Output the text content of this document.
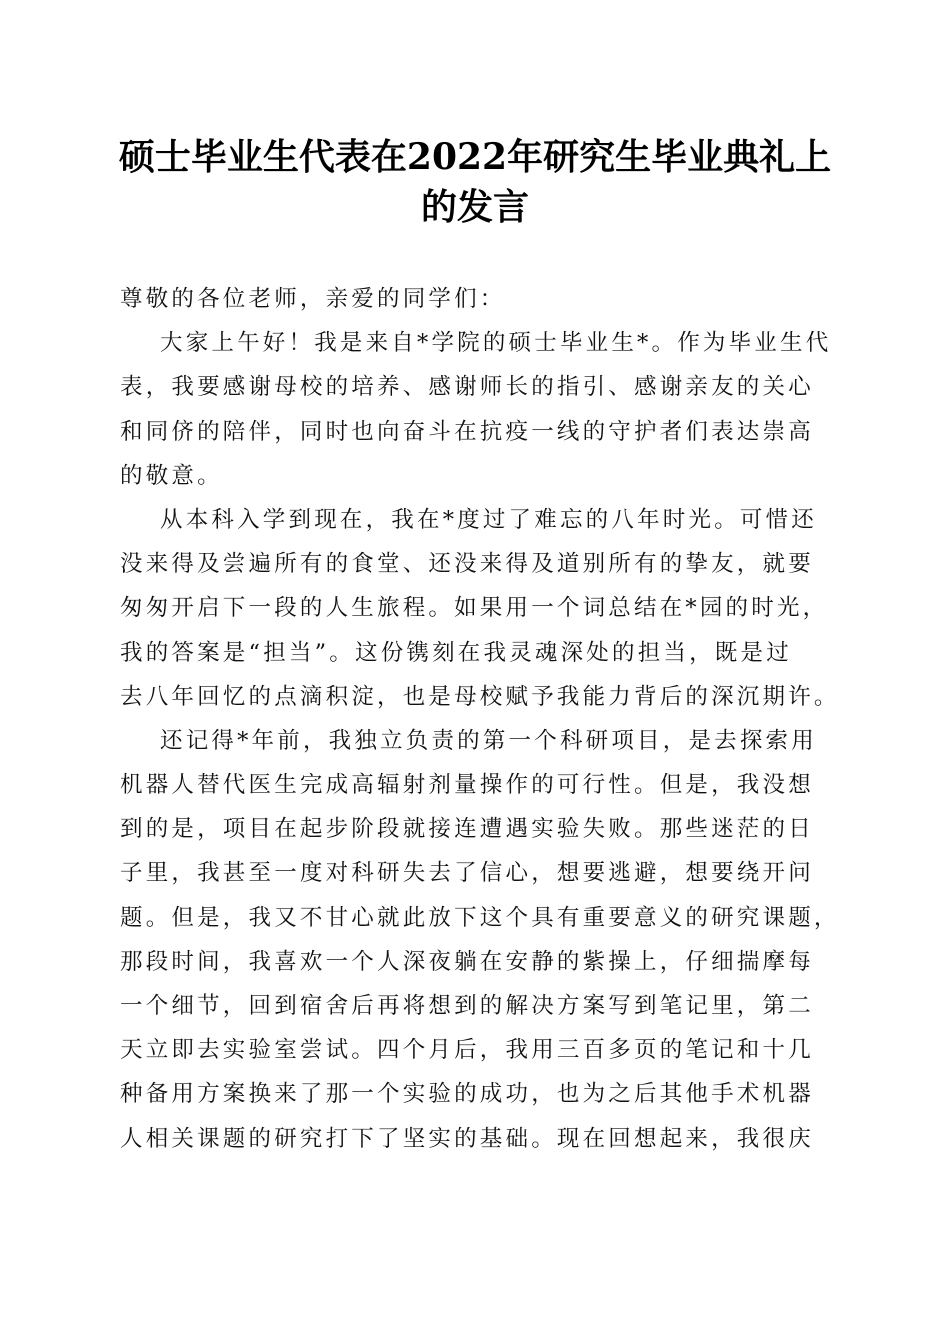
硕士毕业生代表在2022年研究生毕业典礼上
的发言
尊敬的各位老师，亲爱的同学们：
大家上午好！我是来自*学院的硕士毕业生*。作为毕业生代
表，我要感谢母校的培养、感谢师长的指引、感谢亲友的关心
和同侪的陪伴，同时也向奋斗在抗疫一线的守护者们表达崇高
的敬意。
从本科入学到现在，我在*度过了难忘的八年时光。可惜还
没来得及尝遍所有的食堂、还没来得及道别所有的挚友，就要
匆匆开启下一段的人生旅程。如果用一个词总结在*园的时光，
我的答案是“担当”。这份镌刻在我灵魂深处的担当，既是过
去八年回忆的点滴积淀，也是母校赋予我能力背后的深沉期许。
还记得*年前，我独立负责的第一个科研项目，是去探索用
机器人替代医生完成高辐射剂量操作的可行性。但是，我没想
到的是，项目在起步阶段就接连遭遇实验失败。那些迷茫的日
子里，我甚至一度对科研失去了信心，想要逃避，想要绕开问
题。但是，我又不甘心就此放下这个具有重要意义的研究课题，
那段时间，我喜欢一个人深夜躺在安静的紫操上，仔细揣摩每
一个细节，回到宿舍后再将想到的解决方案写到笔记里，第二
天立即去实验室尝试。四个月后，我用三百多页的笔记和十几
种备用方案换来了那一个实验的成功，也为之后其他手术机器
人相关课题的研究打下了坚实的基础。现在回想起来，我很庆
